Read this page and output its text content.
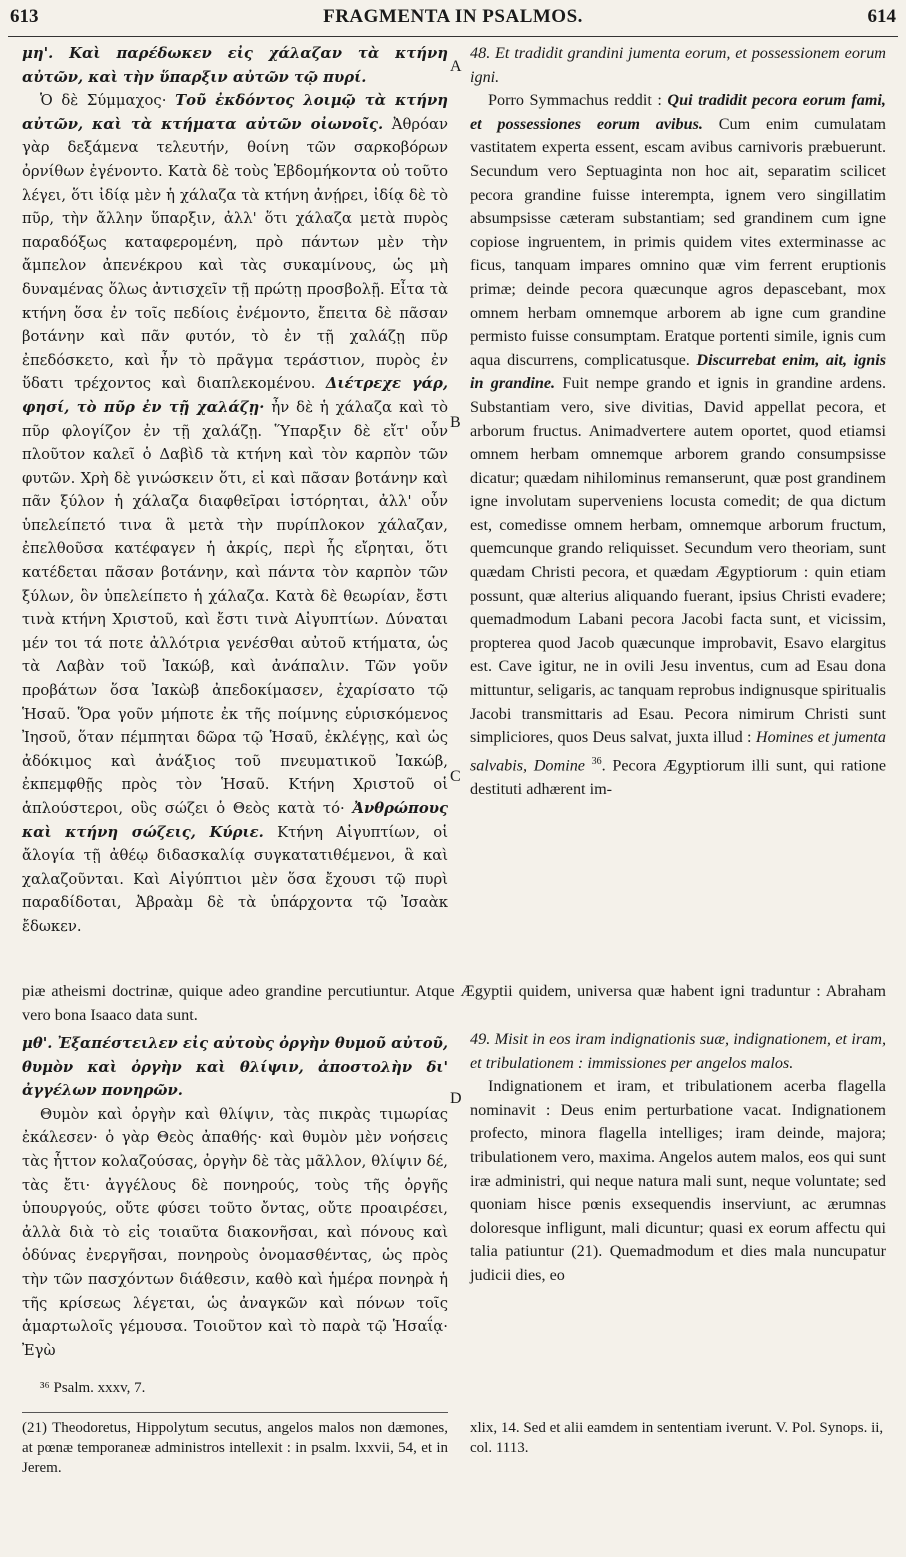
613	FRAGMENTA IN PSALMOS.	614
A
B
C
D

μη'. Καὶ παρέδωκεν εἰς χάλαζαν τὰ κτήνη αὐτῶν, καὶ τὴν ὕπαρξιν αὐτῶν τῷ πυρί.

Ὁ δὲ Σύμμαχος· Τοῦ ἐκδόντος λοιμῷ τὰ κτήνη αὐτῶν, καὶ τὰ κτήματα αὐτῶν οἰωνοῖς. Ἀθρόαν γὰρ δεξάμενα τελευτήν, θοίνη τῶν σαρκοβόρων ὀρνίθων ἐγένοντο. Κατὰ δὲ τοὺς Ἑβδομήκοντα οὐ τοῦτο λέγει, ὅτι ἰδίᾳ μὲν ἡ χάλαζα τὰ κτήνη ἀνῄρει, ἰδίᾳ δὲ τὸ πῦρ, τὴν ἄλλην ὕπαρξιν, ἀλλ' ὅτι χάλαζα μετὰ πυρὸς παραδόξως καταφερομένη, πρὸ πάντων μὲν τὴν ἄμπελον ἀπενέκρου καὶ τὰς συκαμίνους, ὡς μὴ δυναμένας ὅλως ἀντισχεῖν τῇ πρώτῃ προσβολῇ. Εἶτα τὰ κτήνη ὅσα ἐν τοῖς πεδίοις ἐνέμοντο, ἔπειτα δὲ πᾶσαν βοτάνην καὶ πᾶν φυτόν, τὸ ἐν τῇ χαλάζῃ πῦρ ἐπεδόσκετο, καὶ ἦν τὸ πρᾶγμα τεράστιον, πυρὸς ἐν ὕδατι τρέχοντος καὶ διαπλεκομένου. Διέτρεχε γάρ, φησί, τὸ πῦρ ἐν τῇ χαλάζῃ· ἦν δὲ ἡ χάλαζα καὶ τὸ πῦρ φλογίζον ἐν τῇ χαλάζῃ. Ὕπαρξιν δὲ εἴτ' οὖν πλοῦτον καλεῖ ὁ Δαβὶδ τὰ κτήνη καὶ τὸν καρπὸν τῶν φυτῶν. Χρὴ δὲ γινώσκειν ὅτι, εἰ καὶ πᾶσαν βοτάνην καὶ πᾶν ξύλον ἡ χάλαζα διαφθεῖραι ἱστόρηται, ἀλλ' οὖν ὑπελείπετό τινα ἃ μετὰ τὴν πυρίπλοκον χάλαζαν, ἐπελθοῦσα κατέφαγεν ἡ ἀκρίς, περὶ ἧς εἴρηται, ὅτι κατέδεται πᾶσαν βοτάνην, καὶ πάντα τὸν καρπὸν τῶν ξύλων, ὃν ὑπελείπετο ἡ χάλαζα. Κατὰ δὲ θεωρίαν, ἔστι τινὰ κτήνη Χριστοῦ, καὶ ἔστι τινὰ Αἰγυπτίων. Δύναται μέν τοι τά ποτε ἀλλότρια γενέσθαι αὐτοῦ κτήματα, ὡς τὰ Λαβὰν τοῦ Ἰακώβ, καὶ ἀνάπαλιν. Τῶν γοῦν προβάτων ὅσα Ἰακὼβ ἀπεδοκίμασεν, ἐχαρίσατο τῷ Ἡσαῦ. Ὅρα γοῦν μήποτε ἐκ τῆς ποίμνης εὑρισκόμενος Ἰησοῦ, ὅταν πέμπηται δῶρα τῷ Ἡσαῦ, ἐκλέγῃς, καὶ ὡς ἀδόκιμος καὶ ἀνάξιος τοῦ πνευματικοῦ Ἰακώβ, ἐκπεμφθῇς πρὸς τὸν Ἡσαῦ. Κτήνη Χριστοῦ οἱ ἁπλούστεροι, οὓς σώζει ὁ Θεὸς κατὰ τό· Ἀνθρώπους καὶ κτήνη σώζεις, Κύριε. Κτήνη Αἰγυπτίων, οἱ ἄλογία τῇ ἀθέῳ διδασκαλίᾳ συγκατατιθέμενοι, ἃ καὶ χαλαζοῦνται. Καὶ Αἰγύπτιοι μὲν ὅσα ἔχουσι τῷ πυρὶ παραδίδοται, Ἀβραὰμ δὲ τὰ ὑπάρχοντα τῷ Ἰσαὰκ ἔδωκεν.

48. Et tradidit grandini jumenta eorum, et possessionem eorum igni.

Porro Symmachus reddit : Qui tradidit pecora eorum fami, et possessiones eorum avibus. Cum enim cumulatam vastitatem experta essent, escam avibus carnivoris præbuerunt. Secundum vero Septuaginta non hoc ait, separatim scilicet pecora grandine fuisse interempta, ignem vero singillatim absumpsisse cæteram substantiam; sed grandinem cum igne copiose ingruentem, in primis quidem vites exterminasse ac ficus, tanquam impares omnino quæ vim ferrent eruptionis primæ; deinde pecora quæcunque agros depascebant, mox omnem herbam omnemque arborem ab igne cum grandine permisto fuisse consumptam. Eratque portenti simile, ignis cum aqua discurrens, complicatusque. Discurrebat enim, ait, ignis in grandine. Fuit nempe grando et ignis in grandine ardens. Substantiam vero, sive divitias, David appellat pecora, et arborum fructus. Animadvertere autem oportet, quod etiamsi omnem herbam omnemque arborem grando consumpsisse dicatur; quædam nihilominus remanserunt, quæ post grandinem igne involutam superveniens locusta comedit; de qua dictum est, comedisse omnem herbam, omnemque arborum fructum, quemcunque grando reliquisset. Secundum vero theoriam, sunt quædam Christi pecora, et quædam Ægyptiorum : quin etiam possunt, quæ alterius aliquando fuerant, ipsius Christi evadere; quemadmodum Labani pecora Jacobi facta sunt, et vicissim, propterea quod Jacob quæcunque improbavit, Esavo elargitus est. Cave igitur, ne in ovili Jesu inventus, cum ad Esau dona mittuntur, seligaris, ac tanquam reprobus indignusque spiritualis Jacobi transmittaris ad Esau. Pecora nimirum Christi sunt simpliciores, quos Deus salvat, juxta illud : Homines et jumenta salvabis, Domine $^{36}$. Pecora Ægyptiorum illi sunt, qui ratione destituti adhærent im-

piæ atheismi doctrinæ, quique adeo grandine percutiuntur. Atque Ægyptii quidem, universa quæ habent igni traduntur : Abraham vero bona Isaaco data sunt.

μθ'. Ἐξαπέστειλεν εἰς αὐτοὺς ὀργὴν θυμοῦ αὐτοῦ, θυμὸν καὶ ὀργὴν καὶ θλίψιν, ἀποστολὴν δι' ἀγγέλων πονηρῶν.

Θυμὸν καὶ ὀργὴν καὶ θλίψιν, τὰς πικρὰς τιμωρίας ἐκάλεσεν· ὁ γὰρ Θεὸς ἀπαθής· καὶ θυμὸν μὲν νοήσεις τὰς ἧττον κολαζούσας, ὀργὴν δὲ τὰς μᾶλλον, θλίψιν δέ, τὰς ἔτι· ἀγγέλους δὲ πονηρούς, τοὺς τῆς ὀργῆς ὑπουργούς, οὔτε φύσει τοῦτο ὄντας, οὔτε προαιρέσει, ἀλλὰ διὰ τὸ εἰς τοιαῦτα διακονῆσαι, καὶ πόνους καὶ ὀδύνας ἐνεργῆσαι, πονηροὺς ὀνομασθέντας, ὡς πρὸς τὴν τῶν πασχόντων διάθεσιν, καθὸ καὶ ἡμέρα πονηρὰ ἡ τῆς κρίσεως λέγεται, ὡς ἀναγκῶν καὶ πόνων τοῖς ἁμαρτωλοῖς γέμουσα. Τοιοῦτον καὶ τὸ παρὰ τῷ Ἡσαΐᾳ· Ἐγὼ

49. Misit in eos iram indignationis suæ, indignationem, et iram, et tribulationem : immissiones per angelos malos.

Indignationem et iram, et tribulationem acerba flagella nominavit : Deus enim perturbatione vacat. Indignationem profecto, minora flagella intelliges; iram deinde, majora; tribulationem vero, maxima. Angelos autem malos, eos qui sunt iræ administri, qui neque natura mali sunt, neque voluntate; sed quoniam hisce pœnis exsequendis inserviunt, ac ærumnas doloresque infligunt, mali dicuntur; quasi ex eorum affectu qui talia patiuntur (21). Quemadmodum et dies mala nuncupatur judicii dies, eo

³⁶ Psalm. xxxv, 7.
(21) Theodoretus, Hippolytum secutus, angelos malos non dæmones, at pœnæ temporaneæ administros intellexit : in psalm. lxxvii, 54, et in Jerem.
xlix, 14. Sed et alii eamdem in sententiam iverunt. V. Pol. Synops. ii, col. 1113.
